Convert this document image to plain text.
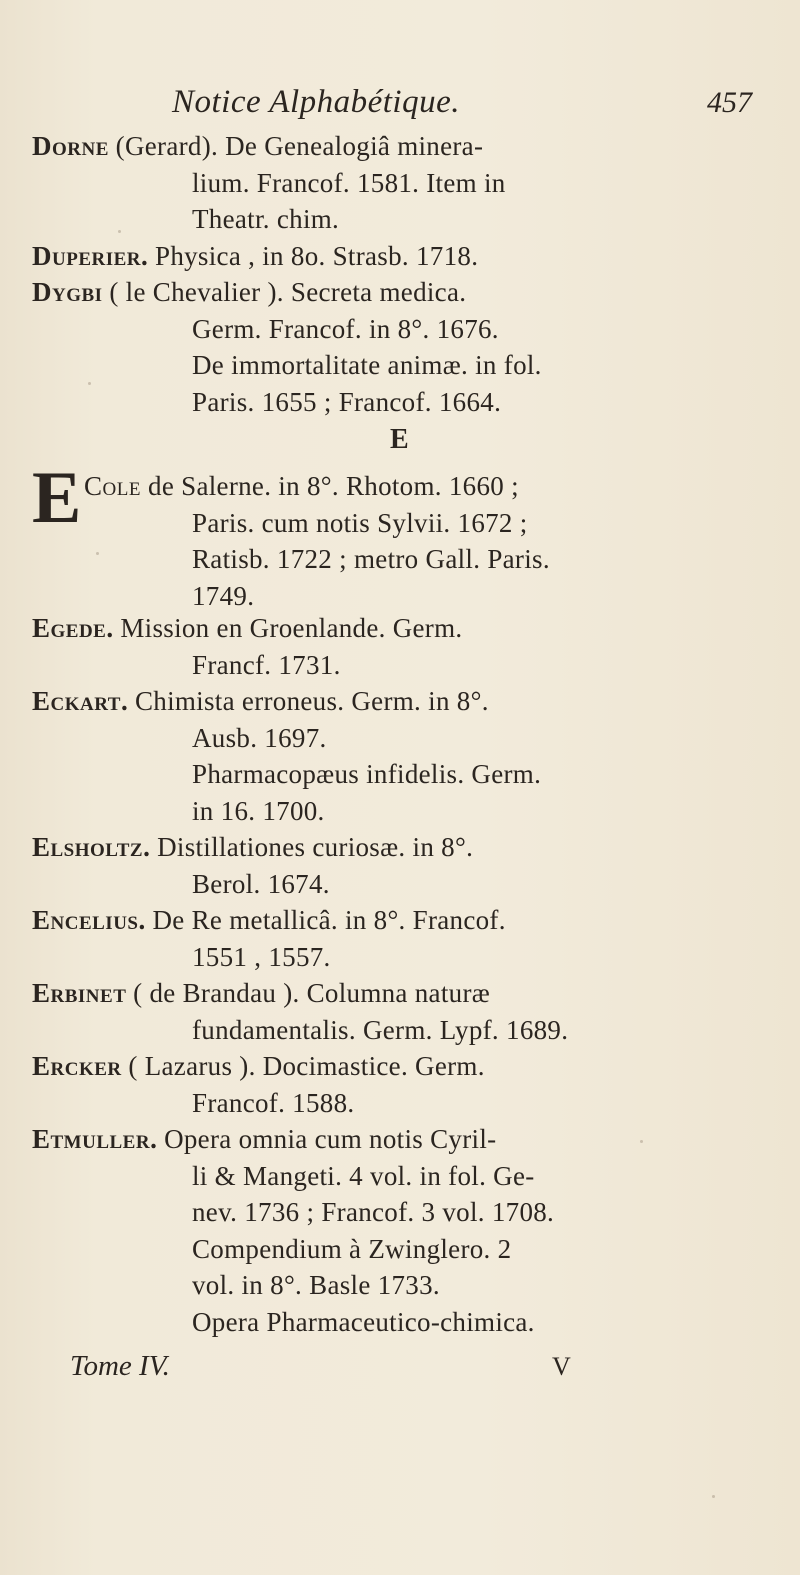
Notice Alphabétique.	457
Dorne (Gerard). De Genealogiâ minera-
lium. Francof. 1581. Item in
Theatr. chim.
Duperier. Physica , in 8o. Strasb. 1718.
Dygbi ( le Chevalier ). Secreta medica.
Germ. Francof. in 8°. 1676.
De immortalitate animæ. in fol.
Paris. 1655 ; Francof. 1664.
E
E Cole de Salerne. in 8°. Rhotom. 1660 ;
Paris. cum notis Sylvii. 1672 ;
Ratisb. 1722 ; metro Gall. Paris.
1749.
Egede. Mission en Groenlande. Germ.
Francf. 1731.
Eckart. Chimista erroneus. Germ. in 8°.
Ausb. 1697.
Pharmacopæus infidelis. Germ.
in 16. 1700.
Elsholtz. Distillationes curiosæ. in 8°.
Berol. 1674.
Encelius. De Re metallicâ. in 8°. Francof.
1551 , 1557.
Erbinet ( de Brandau ). Columna naturæ
fundamentalis. Germ. Lypf. 1689.
Ercker ( Lazarus ). Docimastice. Germ.
Francof. 1588.
Etmuller. Opera omnia cum notis Cyril-
li & Mangeti. 4 vol. in fol. Ge-
nev. 1736 ; Francof. 3 vol. 1708.
Compendium à Zwinglero. 2
vol. in 8°. Basle 1733.
Opera Pharmaceutico-chimica.
Tome IV.	V
